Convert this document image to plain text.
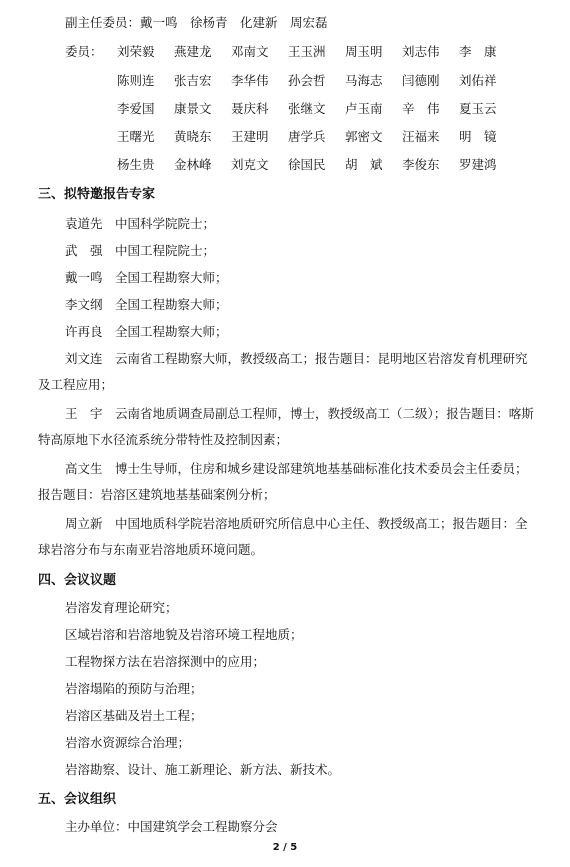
副主任委员：戴一鸣　徐杨青　化建新　周宏磊
委员： 刘荣毅 燕建龙 邓南文 王玉洲 周玉明 刘志伟 李　康
陈则连 张吉宏 李华伟 孙会哲 马海志 闫德刚 刘佑祥
李爱国 康景文 聂庆科 张继文 卢玉南 辛　伟 夏玉云
王曙光 黄晓东 王建明 唐学兵 郭密文 汪福来 明　镜
杨生贵 金林峰 刘克文 徐国民 胡　斌 李俊东 罗建鸿
三、拟特邀报告专家
袁道先　中国科学院院士；
武　强　中国工程院院士；
戴一鸣　全国工程勘察大师；
李文纲　全国工程勘察大师；
许再良　全国工程勘察大师；
刘文连　云南省工程勘察大师，教授级高工；报告题目：昆明地区岩溶发育机理研究及工程应用；
王　宇　云南省地质调查局副总工程师，博士，教授级高工（二级）；报告题目：喀斯特高原地下水径流系统分带特性及控制因素；
高文生　博士生导师，住房和城乡建设部建筑地基基础标准化技术委员会主任委员；报告题目：岩溶区建筑地基基础案例分析；
周立新　中国地质科学院岩溶地质研究所信息中心主任、教授级高工；报告题目：全球岩溶分布与东南亚岩溶地质环境问题。
四、会议议题
岩溶发育理论研究；
区域岩溶和岩溶地貌及岩溶环境工程地质；
工程物探方法在岩溶探测中的应用；
岩溶塌陷的预防与治理；
岩溶区基础及岩土工程；
岩溶水资源综合治理；
岩溶勘察、设计、施工新理论、新方法、新技术。
五、会议组织
主办单位：中国建筑学会工程勘察分会
2 / 5
